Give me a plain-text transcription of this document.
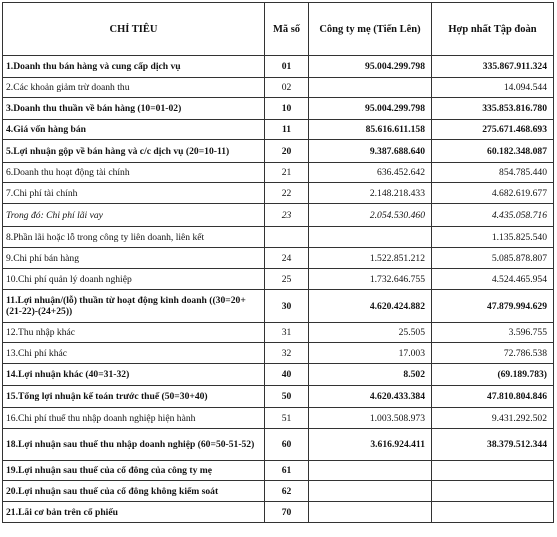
CHỈ TIÊU	Mã số	Công ty mẹ (Tiến Lên)	Hợp nhất Tập đoàn
1.Doanh thu bán hàng và cung cấp dịch vụ	01	95.004.299.798	335.867.911.324
2.Các khoản giảm trừ doanh thu	02		14.094.544
3.Doanh thu thuần về bán hàng (10=01-02)	10	95.004.299.798	335.853.816.780
4.Giá vốn hàng bán	11	85.616.611.158	275.671.468.693
5.Lợi nhuận gộp về bán hàng và c/c dịch vụ (20=10-11)	20	9.387.688.640	60.182.348.087
6.Doanh thu hoạt động tài chính	21	636.452.642	854.785.440
7.Chi phí tài chính	22	2.148.218.433	4.682.619.677
Trong đó: Chi phí lãi vay	23	2.054.530.460	4.435.058.716
8.Phần lãi hoặc lỗ trong công ty liên doanh, liên kết			1.135.825.540
9.Chi phí bán hàng	24	1.522.851.212	5.085.878.807
10.Chi phí quản lý doanh nghiệp	25	1.732.646.755	4.524.465.954
11.Lợi nhuận/(lỗ) thuần từ hoạt động kinh doanh ((30=20+(21-22)-(24+25))	30	4.620.424.882	47.879.994.629
12.Thu nhập khác	31	25.505	3.596.755
13.Chi phí khác	32	17.003	72.786.538
14.Lợi nhuận khác (40=31-32)	40	8.502	(69.189.783)
15.Tổng lợi nhuận kế toán trước thuế (50=30+40)	50	4.620.433.384	47.810.804.846
16.Chi phí thuế thu nhập doanh nghiệp hiện hành	51	1.003.508.973	9.431.292.502
18.Lợi nhuận sau thuế thu nhập doanh nghiệp (60=50-51-52)	60	3.616.924.411	38.379.512.344
19.Lợi nhuận sau thuế của cổ đông của công ty mẹ	61		
20.Lợi nhuận sau thuế của cổ đông không kiểm soát	62		
21.Lãi cơ bản trên cổ phiếu	70		
